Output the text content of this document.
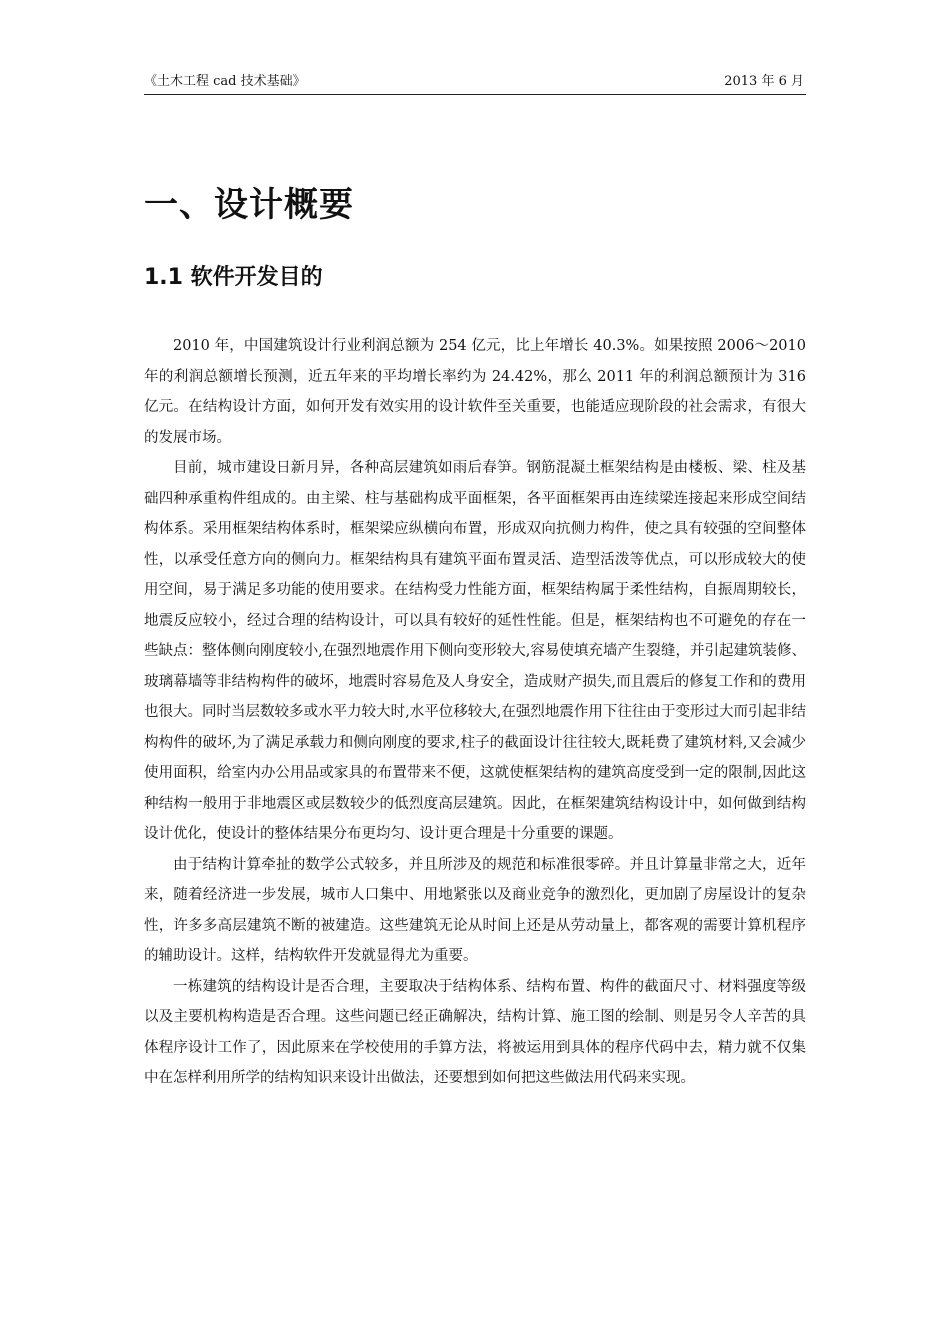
《土木工程 cad 技术基础》	2013 年 6 月
一、设计概要
1.1 软件开发目的

2010 年，中国建筑设计行业利润总额为 254 亿元，比上年增长 40.3%。如果按照 2006～2010 年的利润总额增长预测，近五年来的平均增长率约为 24.42%，那么 2011 年的利润总额预计为 316 亿元。在结构设计方面，如何开发有效实用的设计软件至关重要，也能适应现阶段的社会需求，有很大的发展市场。

目前，城市建设日新月异，各种高层建筑如雨后春笋。钢筋混凝土框架结构是由楼板、梁、柱及基础四种承重构件组成的。由主梁、柱与基础构成平面框架，各平面框架再由连续梁连接起来形成空间结构体系。采用框架结构体系时，框架梁应纵横向布置，形成双向抗侧力构件，使之具有较强的空间整体性，以承受任意方向的侧向力。框架结构具有建筑平面布置灵活、造型活泼等优点，可以形成较大的使用空间，易于满足多功能的使用要求。在结构受力性能方面，框架结构属于柔性结构，自振周期较长，地震反应较小，经过合理的结构设计，可以具有较好的延性性能。但是，框架结构也不可避免的存在一些缺点：整体侧向刚度较小,在强烈地震作用下侧向变形较大,容易使填充墙产生裂缝，并引起建筑装修、玻璃幕墙等非结构构件的破坏，地震时容易危及人身安全，造成财产损失,而且震后的修复工作和的费用也很大。同时当层数较多或水平力较大时,水平位移较大,在强烈地震作用下往往由于变形过大而引起非结构构件的破坏,为了满足承载力和侧向刚度的要求,柱子的截面设计往往较大,既耗费了建筑材料,又会减少使用面积，给室内办公用品或家具的布置带来不便，这就使框架结构的建筑高度受到一定的限制,因此这种结构一般用于非地震区或层数较少的低烈度高层建筑。因此，在框架建筑结构设计中，如何做到结构设计优化，使设计的整体结果分布更均匀、设计更合理是十分重要的课题。

由于结构计算牵扯的数学公式较多，并且所涉及的规范和标准很零碎。并且计算量非常之大，近年来，随着经济进一步发展，城市人口集中、用地紧张以及商业竞争的激烈化，更加剧了房屋设计的复杂性，许多多高层建筑不断的被建造。这些建筑无论从时间上还是从劳动量上，都客观的需要计算机程序的辅助设计。这样，结构软件开发就显得尤为重要。

一栋建筑的结构设计是否合理，主要取决于结构体系、结构布置、构件的截面尺寸、材料强度等级以及主要机构构造是否合理。这些问题已经正确解决，结构计算、施工图的绘制、则是另令人辛苦的具体程序设计工作了，因此原来在学校使用的手算方法，将被运用到具体的程序代码中去，精力就不仅集中在怎样利用所学的结构知识来设计出做法，还要想到如何把这些做法用代码来实现。
